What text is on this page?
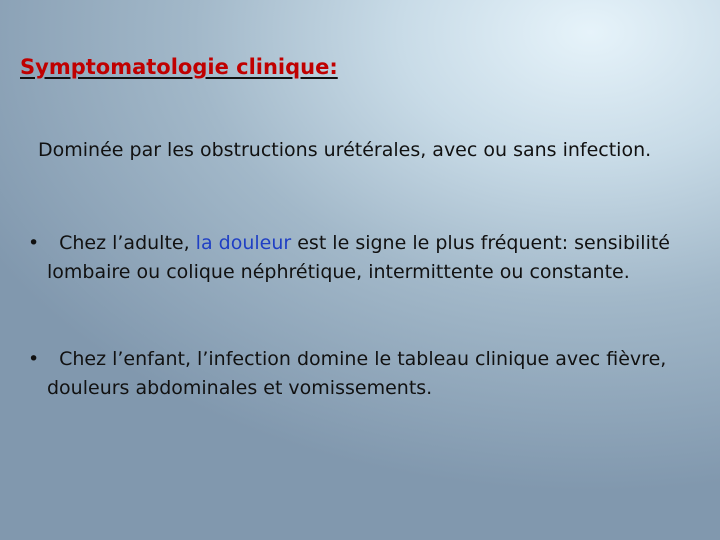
Symptomatologie clinique:
Dominée par les obstructions urétérales, avec ou sans infection.
•	Chez l’adulte, la douleur est le signe le plus fréquent: sensibilité lombaire ou colique néphrétique, intermittente ou constante.
•	Chez l’enfant, l’infection domine le tableau clinique avec fièvre, douleurs abdominales et vomissements.
